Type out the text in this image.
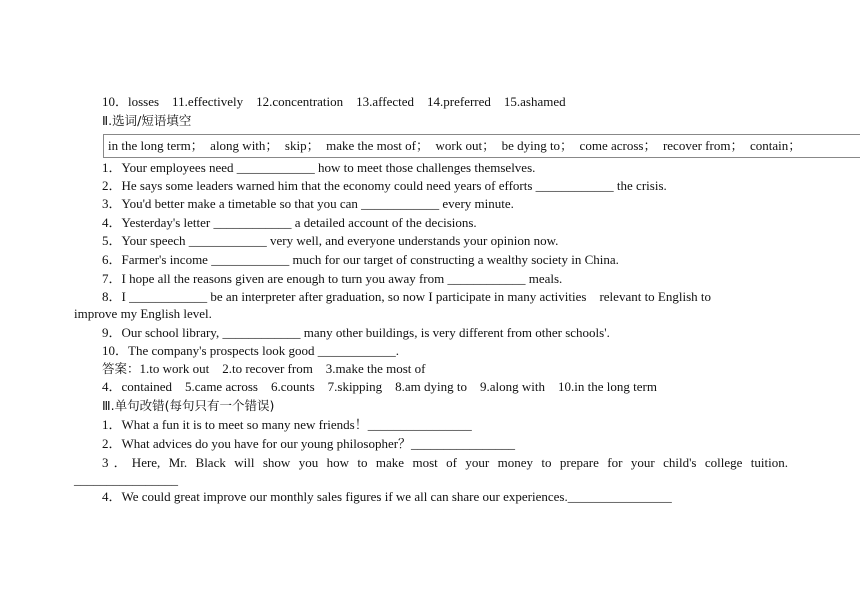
10．losses　11.effectively　12.concentration　13.affected　14.preferred　15.ashamed
Ⅱ.选词/短语填空
in the long term；　along with；　skip；　make the most of；　work out；　be dying to；　come across；　recover from；　contain；
1．Your employees need ____________ how to meet those challenges themselves.
2．He says some leaders warned him that the economy could need years of efforts ____________ the crisis.
3．You'd better make a timetable so that you can ____________ every minute.
4．Yesterday's letter ____________ a detailed account of the decisions.
5．Your speech ____________ very well, and everyone understands your opinion now.
6．Farmer's income ____________ much for our target of constructing a wealthy society in China.
7．I hope all the reasons given are enough to turn you away from ____________ meals.
8．I ____________ be an interpreter after graduation, so now I participate in many activities　relevant to English to
improve my English level.
9．Our school library, ____________ many other buildings, is very different from other schools'.
10．The company's prospects look good ____________.
答案：1.to work out　2.to recover from　3.make the most of
4．contained　5.came across　6.counts　7.skipping　8.am dying to　9.along with　10.in the long term
Ⅲ.单句改错(每句只有一个错误)
1．What a fun it is to meet so many new friends！________________
2．What advices do you have for our young philosopher？________________
3．Here, Mr. Black will show you how to make most of your money to prepare for your child's college tuition.
________________
4．We could great improve our monthly sales figures if we all can share our experiences.________________
